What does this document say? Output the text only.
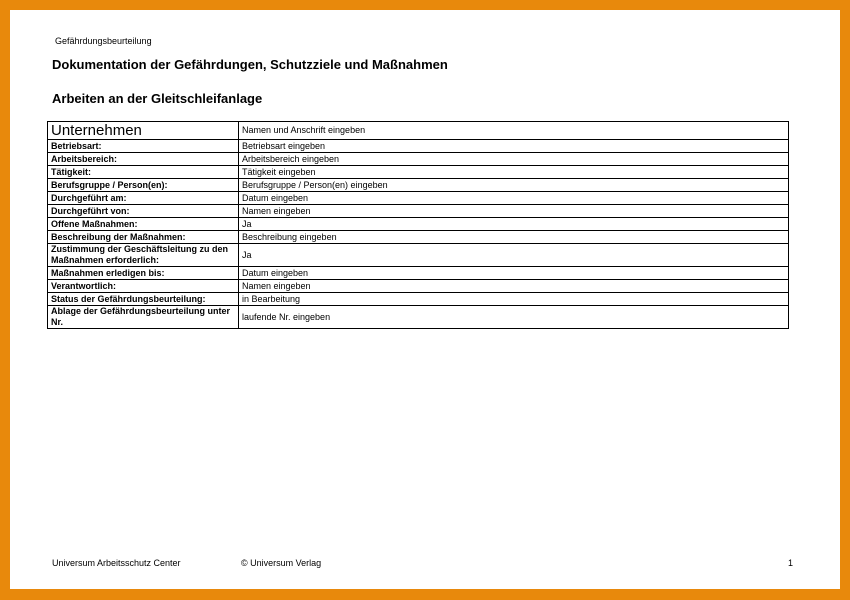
Gefährdungsbeurteilung
Dokumentation der Gefährdungen, Schutzziele und Maßnahmen
Arbeiten an der Gleitschleifanlage
Unternehmen	Namen und Anschrift eingeben
Betriebsart:	Betriebsart eingeben
Arbeitsbereich:	Arbeitsbereich eingeben
Tätigkeit:	Tätigkeit eingeben
Berufsgruppe / Person(en):	Berufsgruppe / Person(en) eingeben
Durchgeführt am:	Datum eingeben
Durchgeführt von:	Namen eingeben
Offene Maßnahmen:	Ja
Beschreibung der Maßnahmen:	Beschreibung eingeben
Zustimmung der Geschäftsleitung zu den Maßnahmen erforderlich:	Ja
Maßnahmen erledigen bis:	Datum eingeben
Verantwortlich:	Namen eingeben
Status der Gefährdungsbeurteilung:	in Bearbeitung
Ablage der Gefährdungsbeurteilung unter Nr.	laufende Nr. eingeben
Universum Arbeitsschutz Center	© Universum Verlag	1
